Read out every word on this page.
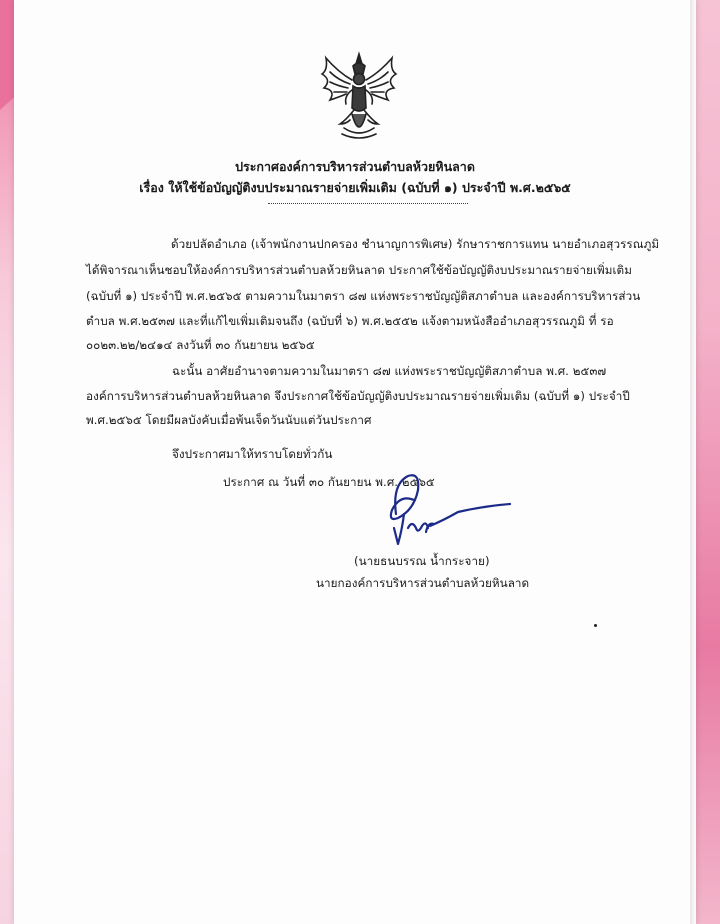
ประกาศองค์การบริหารส่วนตำบลห้วยหินลาด
เรื่อง ให้ใช้ข้อบัญญัติงบประมาณรายจ่ายเพิ่มเติม (ฉบับที่ ๑) ประจำปี พ.ศ.๒๕๖๕
ด้วยปลัดอำเภอ (เจ้าพนักงานปกครอง ชำนาญการพิเศษ) รักษาราชการแทน นายอำเภอสุวรรณภูมิ
ได้พิจารณาเห็นชอบให้องค์การบริหารส่วนตำบลห้วยหินลาด ประกาศใช้ข้อบัญญัติงบประมาณรายจ่ายเพิ่มเติม
(ฉบับที่ ๑) ประจำปี พ.ศ.๒๕๖๕ ตามความในมาตรา ๘๗ แห่งพระราชบัญญัติสภาตำบล และองค์การบริหารส่วน
ตำบล พ.ศ.๒๕๓๗ และที่แก้ไขเพิ่มเติมจนถึง (ฉบับที่ ๖) พ.ศ.๒๕๕๒ แจ้งตามหนังสืออำเภอสุวรรณภูมิ ที่ รอ
๐๐๒๓.๒๒/๒๔๑๔ ลงวันที่ ๓๐ กันยายน ๒๕๖๕
ฉะนั้น อาศัยอำนาจตามความในมาตรา ๘๗ แห่งพระราชบัญญัติสภาตำบล พ.ศ. ๒๕๓๗
องค์การบริหารส่วนตำบลห้วยหินลาด จึงประกาศใช้ข้อบัญญัติงบประมาณรายจ่ายเพิ่มเติม (ฉบับที่ ๑) ประจำปี
พ.ศ.๒๕๖๕ โดยมีผลบังคับเมื่อพ้นเจ็ดวันนับแต่วันประกาศ
จึงประกาศมาให้ทราบโดยทั่วกัน
ประกาศ ณ วันที่ ๓๐ กันยายน พ.ศ. ๒๕๖๕
(นายธนบรรณ น้ำกระจาย)
นายกองค์การบริหารส่วนตำบลห้วยหินลาด
